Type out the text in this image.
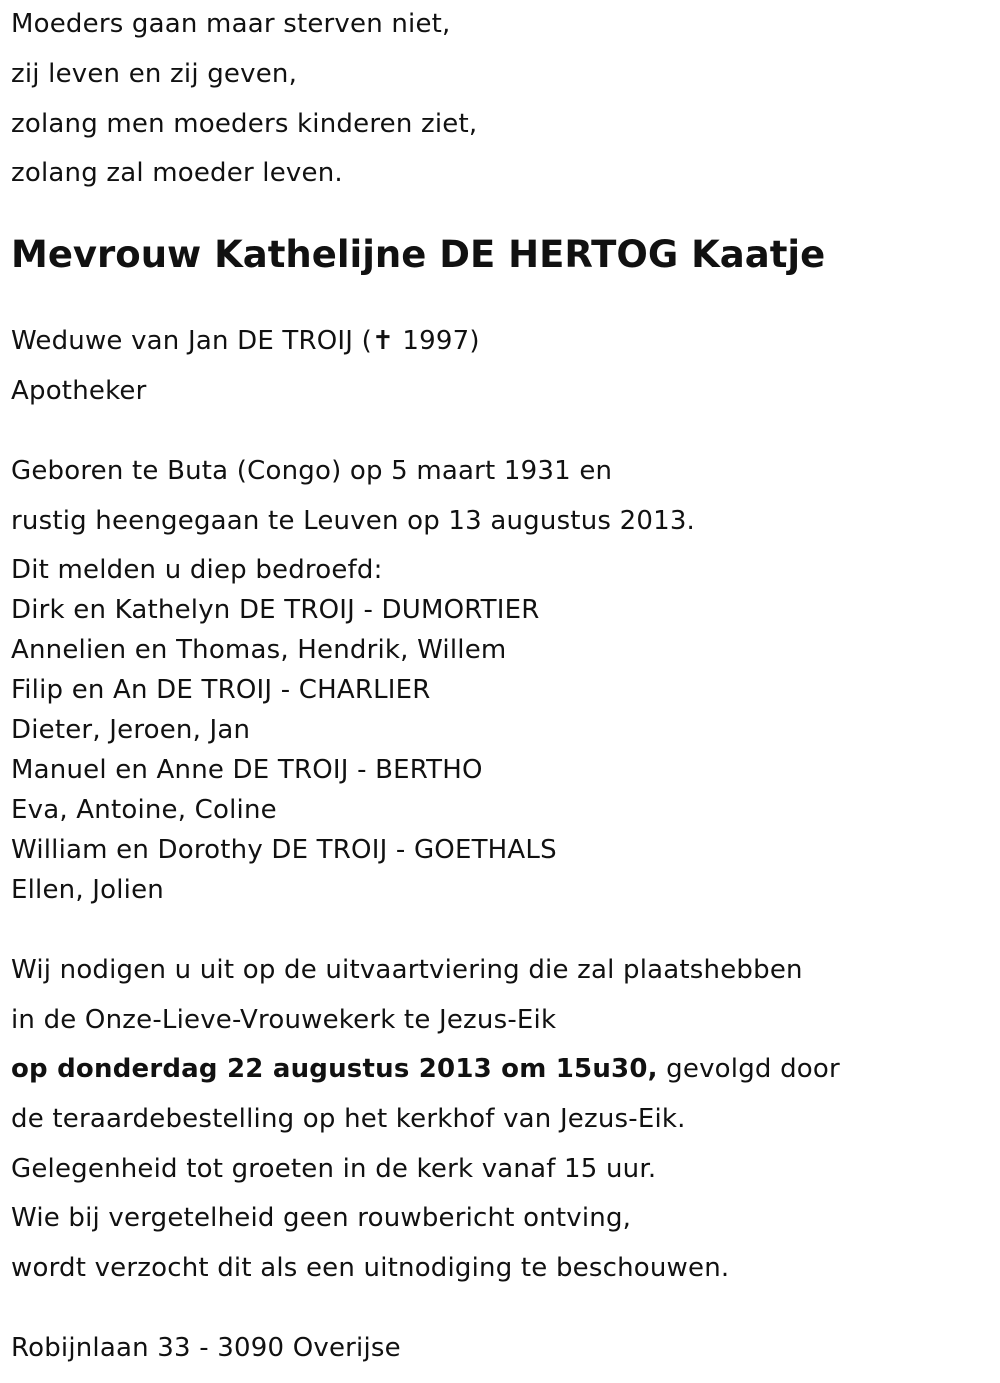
Moeders gaan maar sterven niet,
zij leven en zij geven,
zolang men moeders kinderen ziet,
zolang zal moeder leven.
Mevrouw Kathelijne DE HERTOG Kaatje
Weduwe van Jan DE TROIJ (✝ 1997)
Apotheker
Geboren te Buta (Congo) op 5 maart 1931 en
rustig heengegaan te Leuven op 13 augustus 2013.
Dit melden u diep bedroefd:
Dirk en Kathelyn DE TROIJ - DUMORTIER
Annelien en Thomas, Hendrik, Willem
Filip en An DE TROIJ - CHARLIER
Dieter, Jeroen, Jan
Manuel en Anne DE TROIJ - BERTHO
Eva, Antoine, Coline
William en Dorothy DE TROIJ - GOETHALS
Ellen, Jolien
Wij nodigen u uit op de uitvaartviering die zal plaatshebben
in de Onze-Lieve-Vrouwekerk te Jezus-Eik
op donderdag 22 augustus 2013 om 15u30, gevolgd door
de teraardebestelling op het kerkhof van Jezus-Eik.
Gelegenheid tot groeten in de kerk vanaf 15 uur.
Wie bij vergetelheid geen rouwbericht ontving,
wordt verzocht dit als een uitnodiging te beschouwen.
Robijnlaan 33 - 3090 Overijse
